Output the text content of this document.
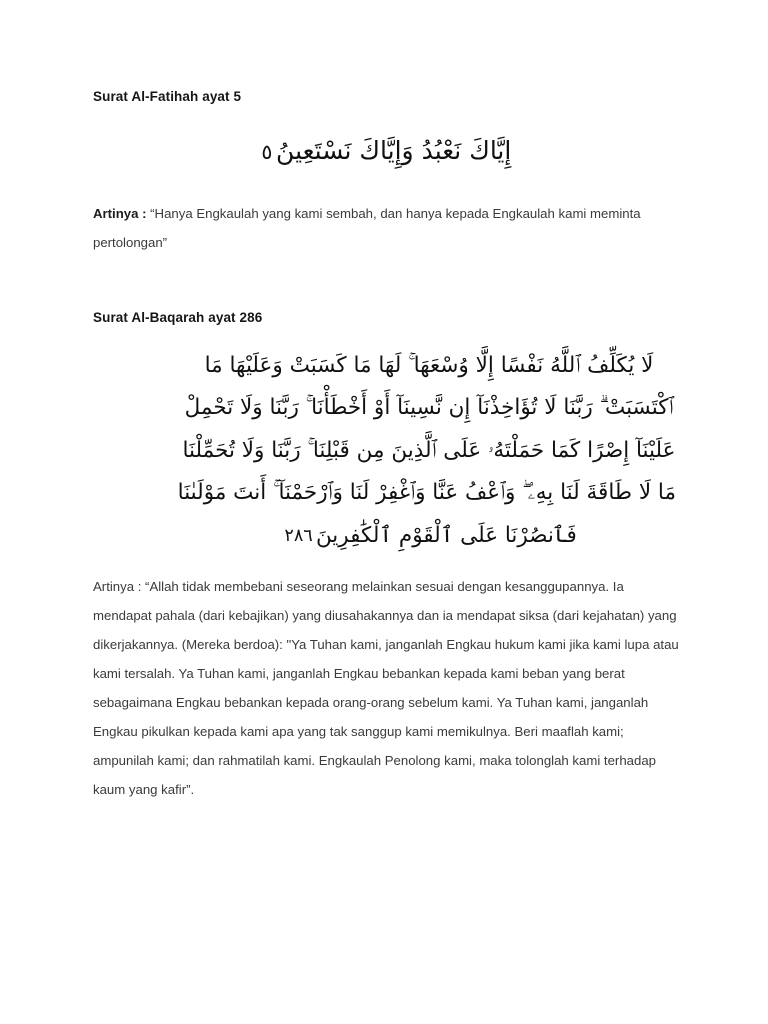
Surat Al-Fatihah ayat 5
إِيَّاكَ نَعْبُدُ وَإِيَّاكَ نَسْتَعِينُ٥

Artinya : “Hanya Engkaulah yang kami sembah, dan hanya kepada Engkaulah kami meminta pertolongan”

Surat Al-Baqarah ayat 286
لَا يُكَلِّفُ ٱللَّهُ نَفْسًا إِلَّا وُسْعَهَا ۚ لَهَا مَا كَسَبَتْ وَعَلَيْهَا مَا
ٱكْتَسَبَتْ ۗ رَبَّنَا لَا تُؤَاخِذْنَآ إِن نَّسِينَآ أَوْ أَخْطَأْنَا ۚ رَبَّنَا وَلَا تَحْمِلْ
عَلَيْنَآ إِصْرًا كَمَا حَمَلْتَهُۥ عَلَى ٱلَّذِينَ مِن قَبْلِنَا ۚ رَبَّنَا وَلَا تُحَمِّلْنَا
مَا لَا طَاقَةَ لَنَا بِهِۦ ۖ وَٱعْفُ عَنَّا وَٱغْفِرْ لَنَا وَٱرْحَمْنَآ ۚ أَنتَ مَوْلَىٰنَا
فَٱنصُرْنَا عَلَى ٱلْقَوْمِ ٱلْكَٰفِرِينَ٢٨٦

Artinya : “Allah tidak membebani seseorang melainkan sesuai dengan kesanggupannya. Ia mendapat pahala (dari kebajikan) yang diusahakannya dan ia mendapat siksa (dari kejahatan) yang dikerjakannya. (Mereka berdoa): "Ya Tuhan kami, janganlah Engkau hukum kami jika kami lupa atau kami tersalah. Ya Tuhan kami, janganlah Engkau bebankan kepada kami beban yang berat sebagaimana Engkau bebankan kepada orang-orang sebelum kami. Ya Tuhan kami, janganlah Engkau pikulkan kepada kami apa yang tak sanggup kami memikulnya. Beri maaflah kami; ampunilah kami; dan rahmatilah kami. Engkaulah Penolong kami, maka tolonglah kami terhadap kaum yang kafir”.
